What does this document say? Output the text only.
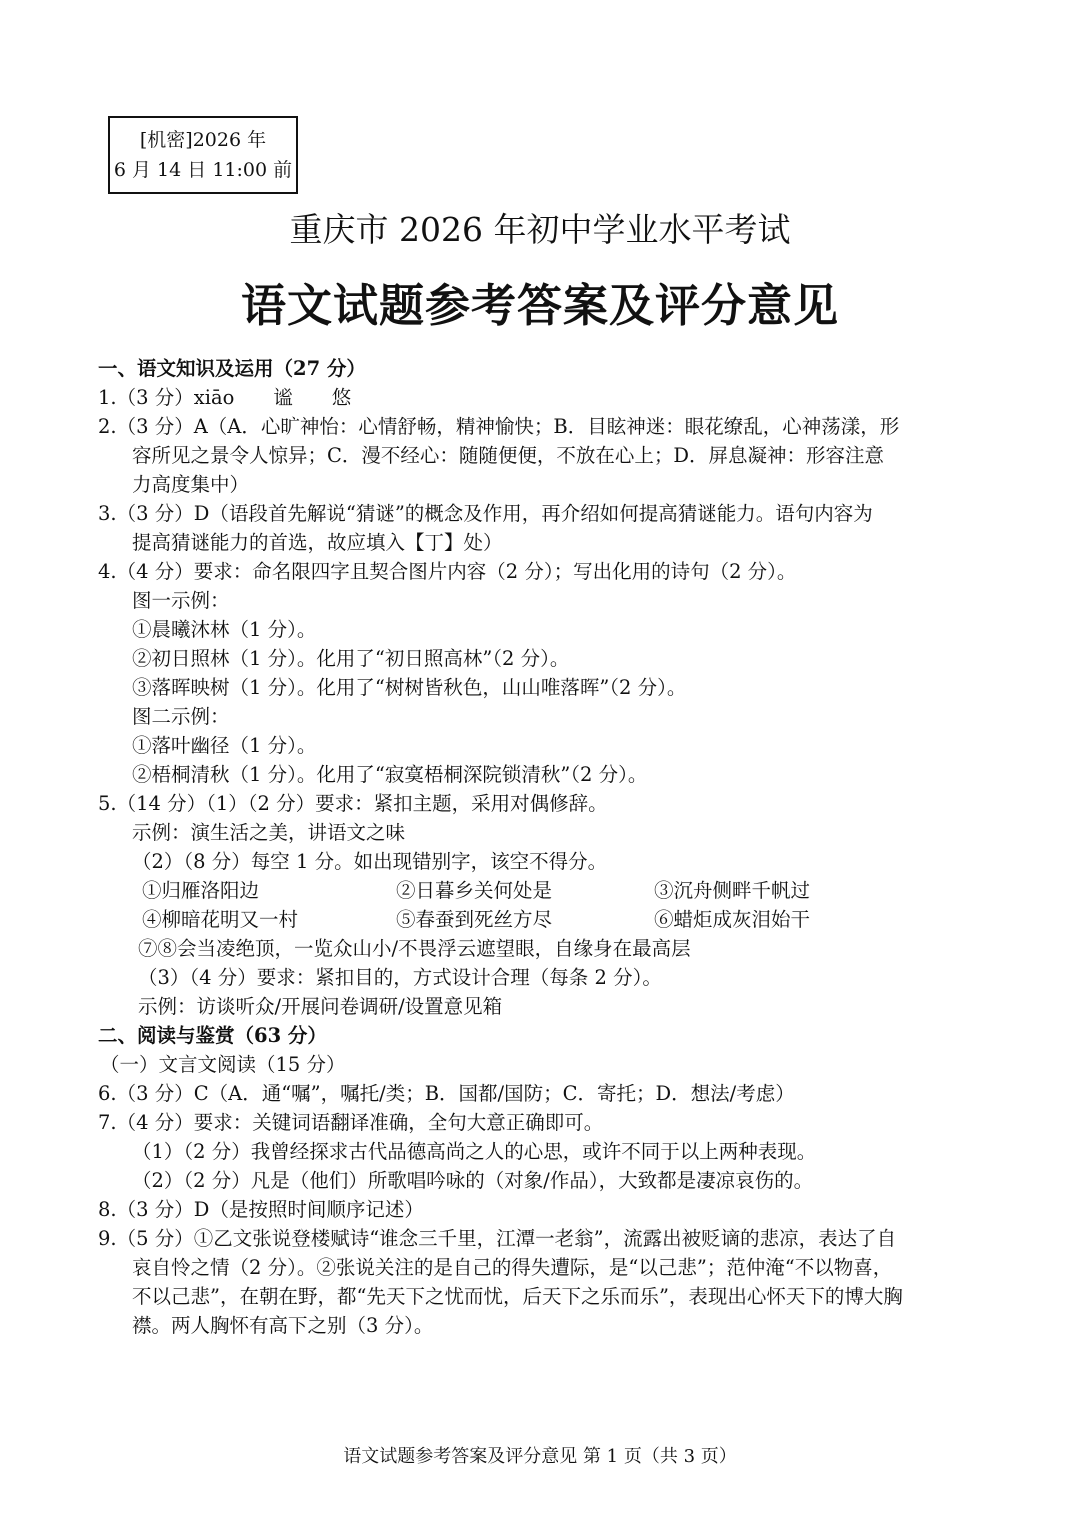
[机密]2026 年
6 月 14 日 11:00 前
重庆市 2026 年初中学业水平考试
语文试题参考答案及评分意见
一、语文知识及运用（27 分）
1.（3 分）xiāo　　谧　　悠
2.（3 分）A（A．心旷神怡：心情舒畅，精神愉快；B．目眩神迷：眼花缭乱，心神荡漾，形
容所见之景令人惊异；C．漫不经心：随随便便，不放在心上；D．屏息凝神：形容注意
力高度集中）
3.（3 分）D（语段首先解说“猜谜”的概念及作用，再介绍如何提高猜谜能力。语句内容为
提高猜谜能力的首选，故应填入【丁】处）
4.（4 分）要求：命名限四字且契合图片内容（2 分）；写出化用的诗句（2 分）。
图一示例：
①晨曦沐林（1 分）。
②初日照林（1 分）。化用了“初日照高林”（2 分）。
③落晖映树（1 分）。化用了“树树皆秋色，山山唯落晖”（2 分）。
图二示例：
①落叶幽径（1 分）。
②梧桐清秋（1 分）。化用了“寂寞梧桐深院锁清秋”（2 分）。
5.（14 分）（1）（2 分）要求：紧扣主题，采用对偶修辞。
示例：演生活之美，讲语文之味
（2）（8 分）每空 1 分。如出现错别字，该空不得分。
①归雁洛阳边	②日暮乡关何处是	③沉舟侧畔千帆过
④柳暗花明又一村	⑤春蚕到死丝方尽	⑥蜡炬成灰泪始干
⑦⑧会当凌绝顶，一览众山小/不畏浮云遮望眼，自缘身在最高层
（3）（4 分）要求：紧扣目的，方式设计合理（每条 2 分）。
示例：访谈听众/开展问卷调研/设置意见箱
二、阅读与鉴赏（63 分）
（一）文言文阅读（15 分）
6.（3 分）C（A．通“嘱”，嘱托/类；B．国都/国防；C．寄托；D．想法/考虑）
7.（4 分）要求：关键词语翻译准确，全句大意正确即可。
（1）（2 分）我曾经探求古代品德高尚之人的心思，或许不同于以上两种表现。
（2）（2 分）凡是（他们）所歌唱吟咏的（对象/作品），大致都是凄凉哀伤的。
8.（3 分）D（是按照时间顺序记述）
9.（5 分）①乙文张说登楼赋诗“谁念三千里，江潭一老翁”，流露出被贬谪的悲凉，表达了自
哀自怜之情（2 分）。②张说关注的是自己的得失遭际，是“以己悲”；范仲淹“不以物喜，
不以己悲”，在朝在野，都“先天下之忧而忧，后天下之乐而乐”，表现出心怀天下的博大胸
襟。两人胸怀有高下之别（3 分）。
语文试题参考答案及评分意见 第 1 页（共 3 页）
